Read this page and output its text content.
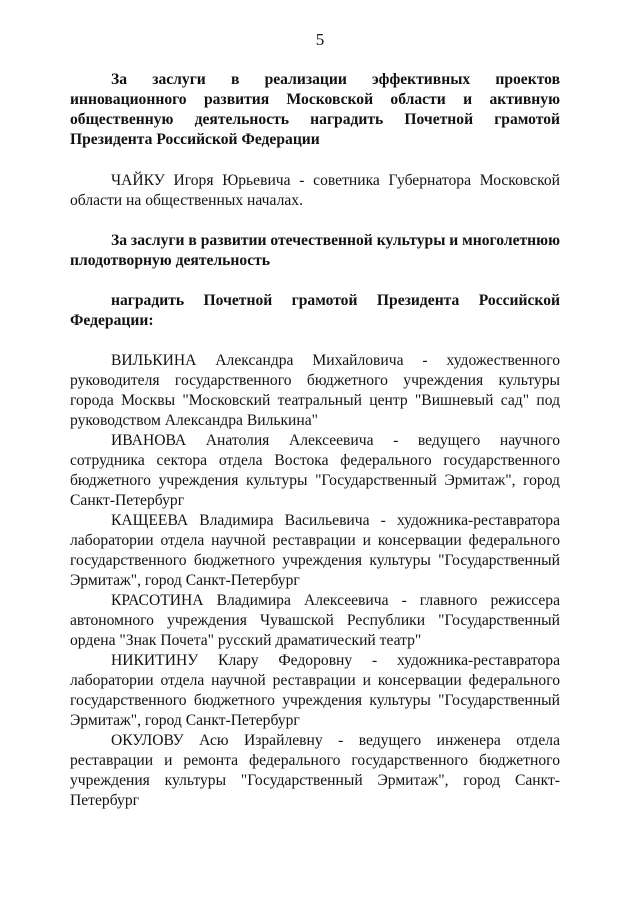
5

За заслуги в реализации эффективных проектов инновационного развития Московской области и активную общественную деятельность наградить Почетной грамотой Президента Российской Федерации

ЧАЙКУ Игоря Юрьевича - советника Губернатора Московской области на общественных началах.

За заслуги в развитии отечественной культуры и многолетнюю плодотворную деятельность

наградить Почетной грамотой Президента Российской Федерации:

ВИЛЬКИНА Александра Михайловича - художественного руководителя государственного бюджетного учреждения культуры города Москвы "Московский театральный центр "Вишневый сад" под руководством Александра Вилькина"

ИВАНОВА Анатолия Алексеевича - ведущего научного сотрудника сектора отдела Востока федерального государственного бюджетного учреждения культуры "Государственный Эрмитаж", город Санкт-Петербург

КАЩЕЕВА Владимира Васильевича - художника-реставратора лаборатории отдела научной реставрации и консервации федерального государственного бюджетного учреждения культуры "Государственный Эрмитаж", город Санкт-Петербург

КРАСОТИНА Владимира Алексеевича - главного режиссера автономного учреждения Чувашской Республики "Государственный ордена "Знак Почета" русский драматический театр"

НИКИТИНУ Клару Федоровну - художника-реставратора лаборатории отдела научной реставрации и консервации федерального государственного бюджетного учреждения культуры "Государственный Эрмитаж", город Санкт-Петербург

ОКУЛОВУ Асю Израйлевну - ведущего инженера отдела реставрации и ремонта федерального государственного бюджетного учреждения культуры "Государственный Эрмитаж", город Санкт-Петербург
